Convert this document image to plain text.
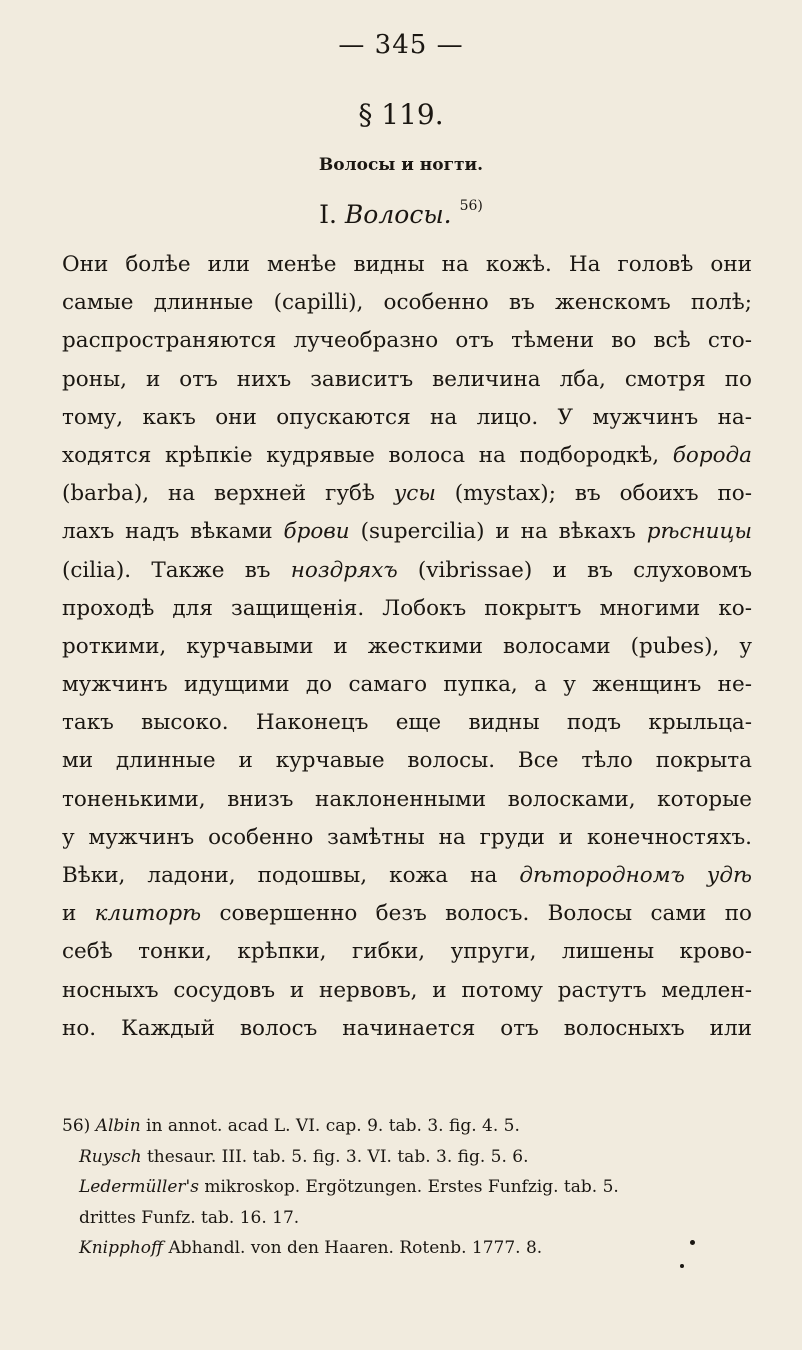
— 345 —
§ 119.
Волосы и ногти.
I. Волосы. $^{56)}$
Они болѣе или менѣе видны на кожѣ. На головѣ они
самые длинные (capilli), особенно въ женскомъ полѣ;
распространяются лучеобразно отъ тѣмени во всѣ сто-
роны, и отъ нихъ зависитъ величина лба, смотря по
тому, какъ они опускаются на лицо. У мужчинъ на-
ходятся крѣпкіе кудрявые волоса на подбородкѣ, борода
(barba), на верхней губѣ усы (mystax); въ обоихъ по-
лахъ надъ вѣками брови (supercilia) и на вѣкахъ рѣсницы
(cilia). Также въ ноздряхъ (vibrissae) и въ слуховомъ
проходѣ для защищенія. Лобокъ покрытъ многими ко-
роткими, курчавыми и жесткими волосами (pubes), у
мужчинъ идущими до самаго пупка, а у женщинъ не-
такъ высоко. Наконецъ еще видны подъ крыльца-
ми длинные и курчавые волосы. Все тѣло покрыта
тоненькими, внизъ наклоненными волосками, которые
у мужчинъ особенно замѣтны на груди и конечностяхъ.
Вѣки, ладони, подошвы, кожа на дѣтородномъ удѣ
и клиторѣ совершенно безъ волосъ. Волосы сами по
себѣ тонки, крѣпки, гибки, упруги, лишены крово-
носныхъ сосудовъ и нервовъ, и потому растутъ медлен-
но. Каждый волосъ начинается отъ волосныхъ или
56) Albin in annot. acad L. VI. cap. 9. tab. 3. fig. 4. 5.
Ruysch thesaur. III. tab. 5. fig. 3. VI. tab. 3. fig. 5. 6.
Ledermüller's mikroskop. Ergötzungen. Erstes Funfzig. tab. 5.
drittes Funfz. tab. 16. 17.
Knipphoff Abhandl. von den Haaren. Rotenb. 1777. 8.
